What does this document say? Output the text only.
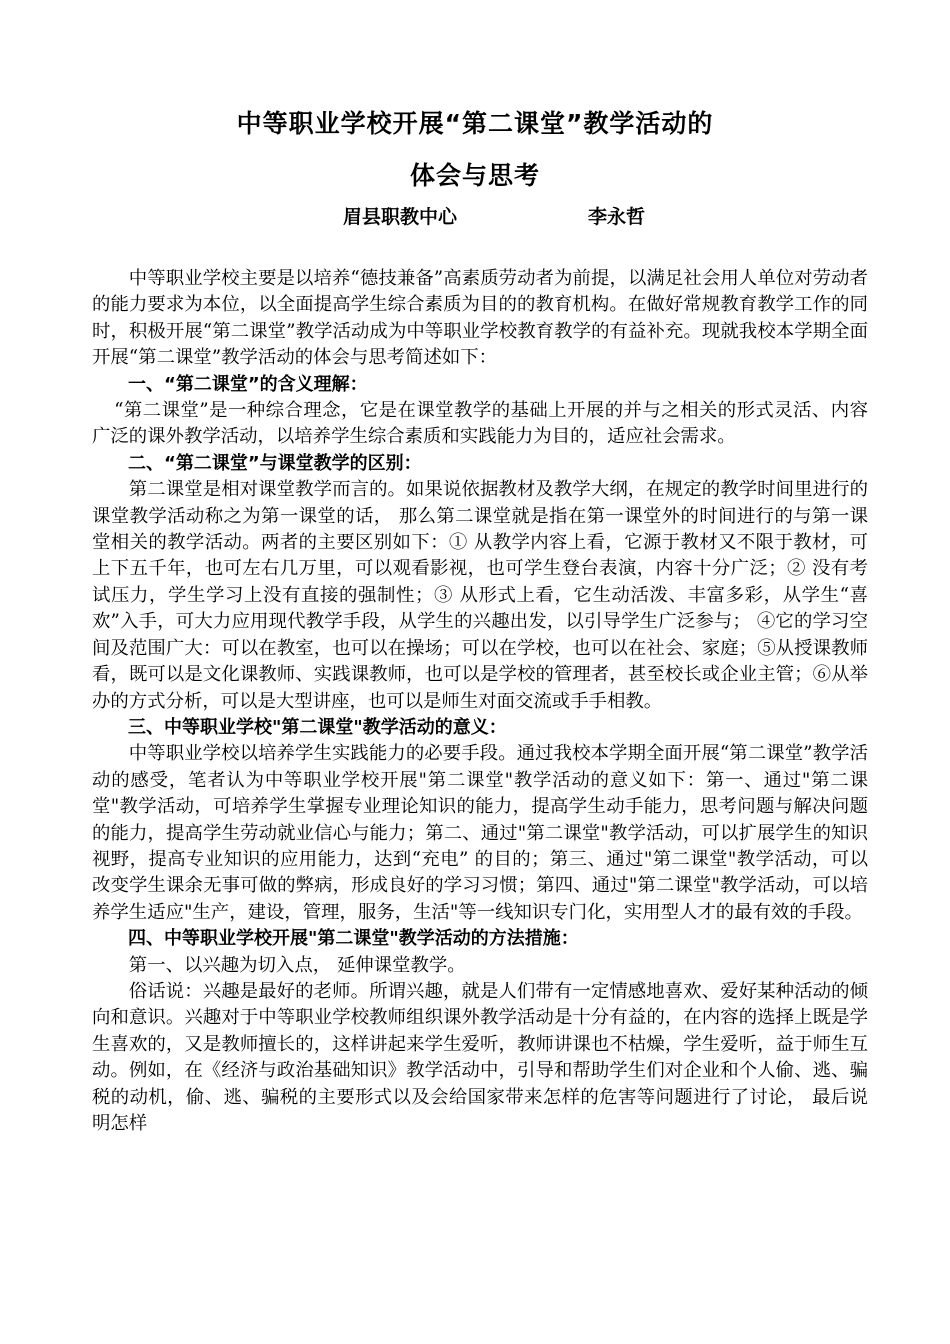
中等职业学校开展“第二课堂”教学活动的
体会与思考
眉县职教中心	李永哲

中等职业学校主要是以培养“德技兼备”高素质劳动者为前提，以满足社会用人单位对劳动者的能力要求为本位，以全面提高学生综合素质为目的的教育机构。在做好常规教育教学工作的同时，积极开展“第二课堂”教学活动成为中等职业学校教育教学的有益补充。现就我校本学期全面开展“第二课堂”教学活动的体会与思考简述如下：

一、“第二课堂”的含义理解：

“第二课堂”是一种综合理念，它是在课堂教学的基础上开展的并与之相关的形式灵活、内容广泛的课外教学活动，以培养学生综合素质和实践能力为目的，适应社会需求。

二、“第二课堂”与课堂教学的区别：

第二课堂是相对课堂教学而言的。如果说依据教材及教学大纲，在规定的教学时间里进行的课堂教学活动称之为第一课堂的话， 那么第二课堂就是指在第一课堂外的时间进行的与第一课堂相关的教学活动。两者的主要区别如下：① 从教学内容上看，它源于教材又不限于教材，可上下五千年，也可左右几万里，可以观看影视，也可学生登台表演，内容十分广泛；② 没有考试压力，学生学习上没有直接的强制性；③ 从形式上看，它生动活泼、丰富多彩，从学生“喜欢”入手，可大力应用现代教学手段，从学生的兴趣出发，以引导学生广泛参与； ④它的学习空间及范围广大：可以在教室，也可以在操场；可以在学校，也可以在社会、家庭；⑤从授课教师看，既可以是文化课教师、实践课教师，也可以是学校的管理者，甚至校长或企业主管；⑥从举办的方式分析，可以是大型讲座，也可以是师生对面交流或手手相教。

三、中等职业学校"第二课堂"教学活动的意义：

中等职业学校以培养学生实践能力的必要手段。通过我校本学期全面开展“第二课堂”教学活动的感受，笔者认为中等职业学校开展"第二课堂"教学活动的意义如下：第一、通过"第二课堂"教学活动，可培养学生掌握专业理论知识的能力，提高学生动手能力，思考问题与解决问题的能力，提高学生劳动就业信心与能力；第二、通过"第二课堂"教学活动，可以扩展学生的知识视野，提高专业知识的应用能力，达到“充电” 的目的；第三、通过"第二课堂"教学活动，可以改变学生课余无事可做的弊病，形成良好的学习习惯；第四、通过"第二课堂"教学活动，可以培养学生适应"生产，建设，管理，服务，生活"等一线知识专门化，实用型人才的最有效的手段。

四、中等职业学校开展"第二课堂"教学活动的方法措施：

第一、以兴趣为切入点， 延伸课堂教学。

俗话说：兴趣是最好的老师。所谓兴趣，就是人们带有一定情感地喜欢、爱好某种活动的倾向和意识。兴趣对于中等职业学校教师组织课外教学活动是十分有益的，在内容的选择上既是学生喜欢的，又是教师擅长的，这样讲起来学生爱听，教师讲课也不枯燥，学生爱听，益于师生互动。例如，在《经济与政治基础知识》教学活动中，引导和帮助学生们对企业和个人偷、逃、骗税的动机，偷、逃、骗税的主要形式以及会给国家带来怎样的危害等问题进行了讨论， 最后说明怎样
